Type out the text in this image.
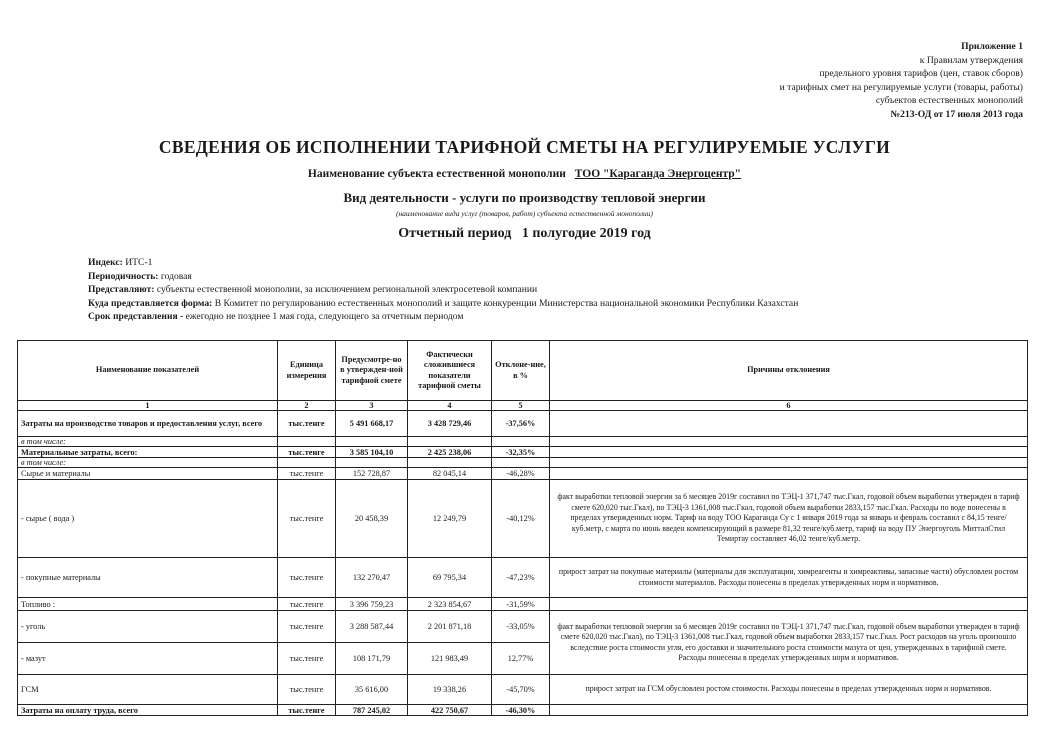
Приложение 1
к Правилам утверждения
предельного уровня тарифов (цен, ставок сборов)
и тарифных смет на регулируемые услуги (товары, работы)
субъектов естественных монополий
№213-ОД от 17 июля 2013 года
СВЕДЕНИЯ ОБ ИСПОЛНЕНИИ ТАРИФНОЙ СМЕТЫ НА РЕГУЛИРУЕМЫЕ УСЛУГИ
Наименование субъекта естественной монополии ТОО "Караганда Энергоцентр"
Вид деятельности - услуги по производству тепловой энергии
(наименование вида услуг (товаров, работ) субъекта естественной монополии)
Отчетный период 1 полугодие 2019 год
Индекс: ИТС-1
Периодичность: годовая
Представляют: субъекты естественной монополии, за исключением региональной электросетевой компании
Куда представляется форма: В Комитет по регулированию естественных монополий и защите конкуренции Министерства национальной экономики Республики Казахстан
Срок представления - ежегодно не позднее 1 мая года, следующего за отчетным периодом
Наименование показателей	Единица измерения	Предусмотре-но в утвержден-ной тарифной смете	Фактически сложившиеся показатели тарифной сметы	Отклоне-ние, в %	Причины отклонения
1	2	3	4	5	6
Затраты на производство товаров и предоставления услуг, всего	тыс.тенге	5 491 668,17	3 428 729,46	-37,56%	
в том числе:					
Материальные затраты, всего:	тыс.тенге	3 585 104,10	2 425 238,06	-32,35%	
в том числе:					
Сырье и материалы	тыс.тенге	152 728,87	82 045,14	-46,28%	
- сырье ( вода )	тыс.тенге	20 458,39	12 249,79	-40,12%	факт выработки тепловой энергии за 6 месяцев 2019г составил по ТЭЦ-1 371,747 тыс.Гкал, годовой объем выработки утвержден в тариф смете 620,020 тыс.Гкал), по ТЭЦ-3 1361,008 тыс.Гкал, годовой объем выработки 2833,157 тыс.Гкал. Расходы по воде понесены в пределах утвержденных норм. Тариф на воду ТОО Караганда Су с 1 января 2019 года за январь и февраль составил с 84,15 тенге/куб.метр, с марта по июнь введен компенсирующий в размере 81,32 тенге/куб.метр, тариф на воду ПУ Энергоуголь МитталСтил Темиртау составляет 46,02 тенге/куб.метр.
- покупные материалы	тыс.тенге	132 270,47	69 795,34	-47,23%	прирост затрат на покупные материалы (материалы для эксплуатации, химреагенты и химреактивы, запасные части) обусловлен ростом стоимости материалов. Расходы понесены в пределах утвержденных норм и нормативов.
Топливо :	тыс.тенге	3 396 759,23	2 323 854,67	-31,59%	
- уголь	тыс.тенге	3 288 587,44	2 201 871,18	-33,05%	факт выработки тепловой энергии за 6 месяцев 2019г составил по ТЭЦ-1 371,747 тыс.Гкал, годовой объем выработки утвержден в тариф смете 620,020 тыс.Гкал), по ТЭЦ-3 1361,008 тыс.Гкал, годовой объем выработки 2833,157 тыс.Гкал. Рост расходов на уголь произошло вследствие роста стоимости угля, его доставки и значительного роста стоимости мазута от цен, утвержденных в тарифной смете. Расходы понесены в пределах утвержденных норм и нормативов.
- мазут	тыс.тенге	108 171,79	121 983,49	12,77%	
ГСМ	тыс.тенге	35 616,00	19 338,26	-45,70%	прирост затрат на ГСМ обусловлен ростом стоимости. Расходы понесены в пределах утвержденных норм и нормативов.
Затраты на оплату труда, всего	тыс.тенге	787 245,02	422 750,67	-46,30%	
